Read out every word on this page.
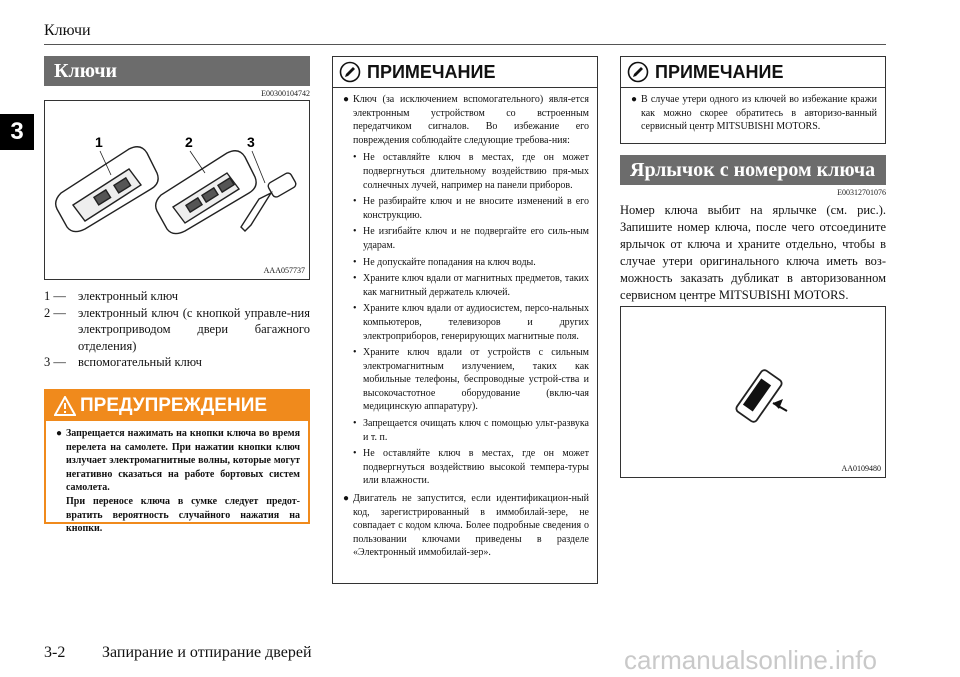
Ключи
3
Ключи
E00300104742
1	2	3
AAA057737
1 — электронный ключ
2 — электронный ключ (с кнопкой управле-ния электроприводом двери багажного отделения)
3 — вспомогательный ключ
ПРЕДУПРЕЖДЕНИЕ
● Запрещается нажимать на кнопки ключа во время перелета на самолете. При нажатии кнопки ключ излучает электромагнитные волны, которые могут негативно сказаться на работе бортовых систем самолета.
При переносе ключа в сумке следует предот-вратить вероятность случайного нажатия на кнопки.
ПРИМЕЧАНИЕ
● Ключ (за исключением вспомогательного) явля-ется электронным устройством со встроенным передатчиком сигналов. Во избежание его повреждения соблюдайте следующие требова-ния:
• Не оставляйте ключ в местах, где он может подвергнуться длительному воздействию пря-мых солнечных лучей, например на панели приборов.
• Не разбирайте ключ и не вносите изменений в его конструкцию.
• Не изгибайте ключ и не подвергайте его силь-ным ударам.
• Не допускайте попадания на ключ воды.
• Храните ключ вдали от магнитных предметов, таких как магнитный держатель ключей.
• Храните ключ вдали от аудиосистем, персо-нальных компьютеров, телевизоров и других электроприборов, генерирующих магнитные поля.
• Храните ключ вдали от устройств с сильным электромагнитным излучением, таких как мобильные телефоны, беспроводные устрой-ства и высокочастотное оборудование (вклю-чая медицинскую аппаратуру).
• Запрещается очищать ключ с помощью ульт-развука и т. п.
• Не оставляйте ключ в местах, где он может подвергнуться воздействию высокой темпера-туры или влажности.
● Двигатель не запустится, если идентификацион-ный код, зарегистрированный в иммобилай-зере, не совпадает с кодом ключа. Более подробные сведения о пользовании ключами приведены в разделе «Электронный иммобилай-зер».
ПРИМЕЧАНИЕ
● В случае утери одного из ключей во избежание кражи как можно скорее обратитесь в авторизо-ванный сервисный центр MITSUBISHI MOTORS.
Ярлычок с номером ключа
E00312701076
Номер ключа выбит на ярлычке (см. рис.). Запишите номер ключа, после чего отсоедините ярлычок от ключа и храните отдельно, чтобы в случае утери оригинального ключа иметь воз-можность заказать дубликат в авторизованном сервисном центре MITSUBISHI MOTORS.
AA0109480
3-2 Запирание и отпирание дверей	carmanualsonline.info
